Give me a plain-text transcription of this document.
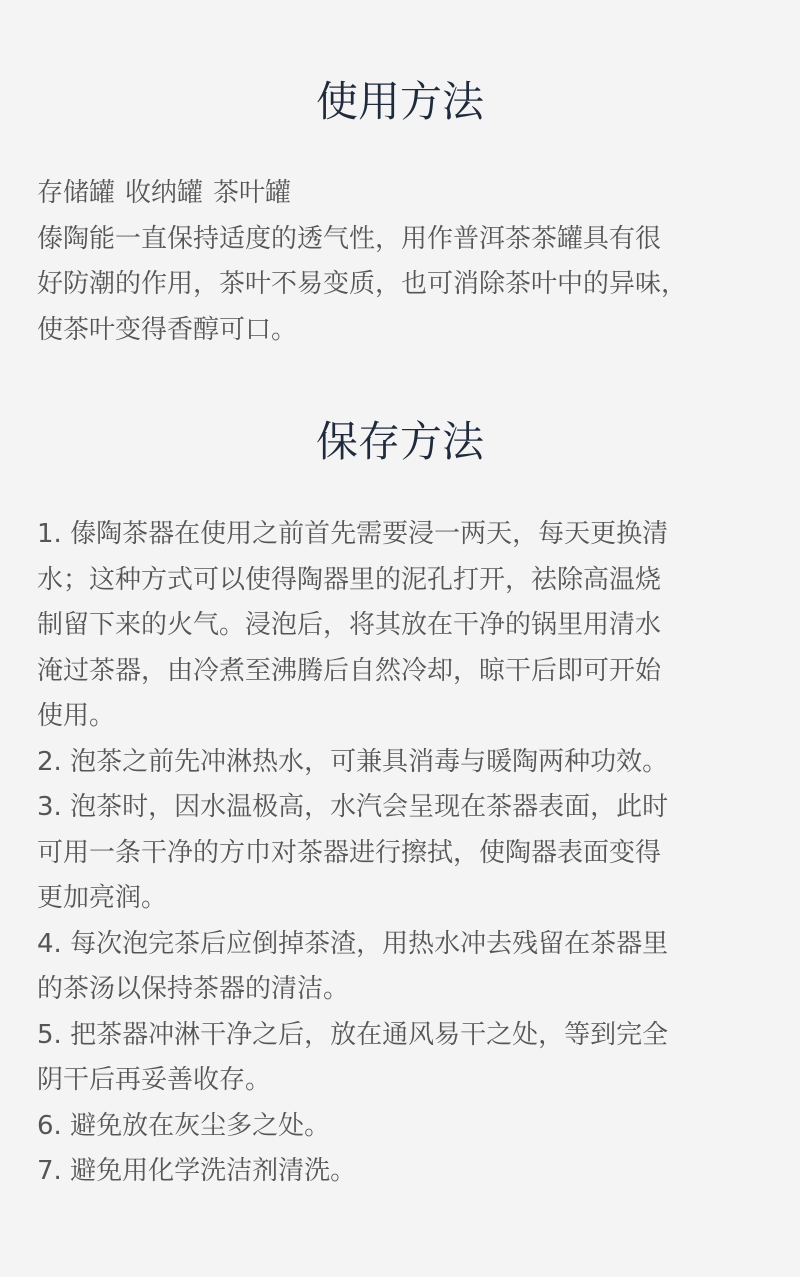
使用方法
存储罐 收纳罐 茶叶罐
傣陶能一直保持适度的透气性，用作普洱茶茶罐具有很
好防潮的作用，茶叶不易变质，也可消除茶叶中的异味，
使茶叶变得香醇可口。
保存方法
1. 傣陶茶器在使用之前首先需要浸一两天，每天更换清
水；这种方式可以使得陶器里的泥孔打开，祛除高温烧
制留下来的火气。浸泡后，将其放在干净的锅里用清水
淹过茶器，由冷煮至沸腾后自然冷却，晾干后即可开始
使用。
2. 泡茶之前先冲淋热水，可兼具消毒与暖陶两种功效。
3. 泡茶时，因水温极高，水汽会呈现在茶器表面，此时
可用一条干净的方巾对茶器进行擦拭，使陶器表面变得
更加亮润。
4. 每次泡完茶后应倒掉茶渣，用热水冲去残留在茶器里
的茶汤以保持茶器的清洁。
5. 把茶器冲淋干净之后，放在通风易干之处，等到完全
阴干后再妥善收存。
6. 避免放在灰尘多之处。
7. 避免用化学洗洁剂清洗。
